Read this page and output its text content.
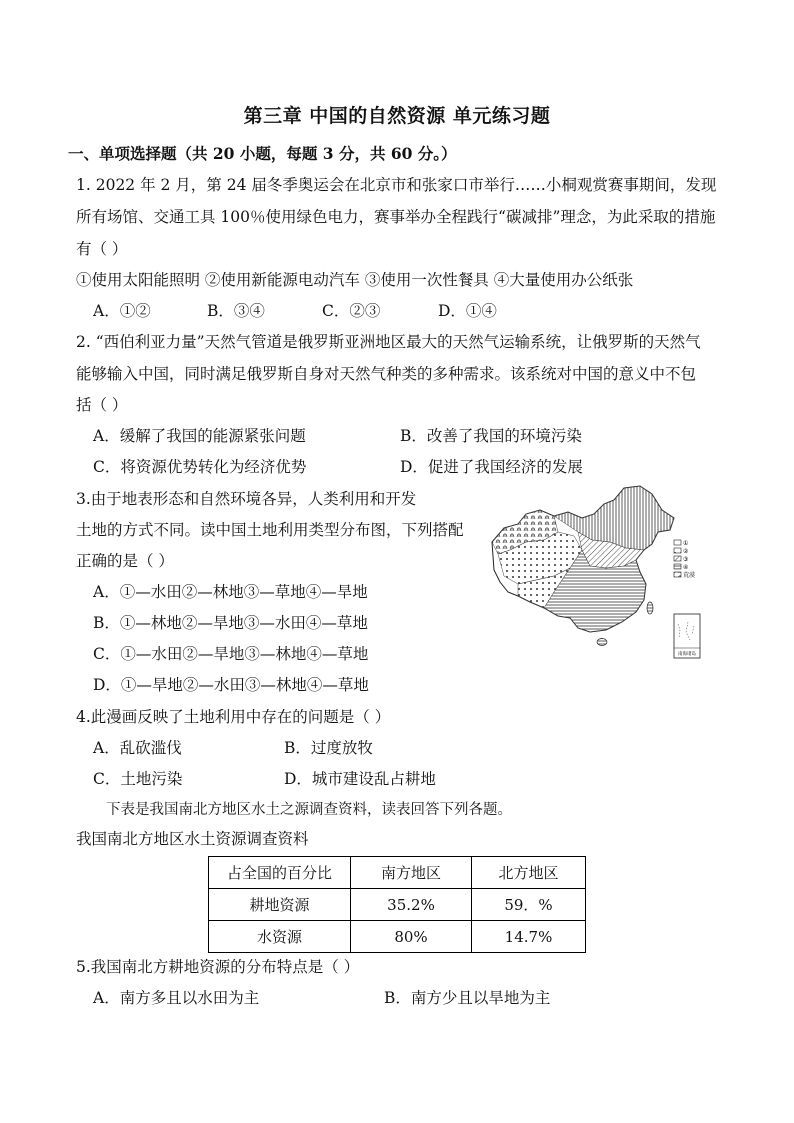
第三章 中国的自然资源 单元练习题
一、单项选择题（共 20 小题，每题 3 分，共 60 分。）
1. 2022 年 2 月，第 24 届冬季奥运会在北京市和张家口市举行……小桐观赏赛事期间，发现
所有场馆、交通工具 100％使用绿色电力，赛事举办全程践行“碳减排”理念，为此采取的措施
有（ ）
①使用太阳能照明 ②使用新能源电动汽车 ③使用一次性餐具 ④大量使用办公纸张
A．①②	B．③④	C．②③	D．①④
2. “西伯利亚力量”天然气管道是俄罗斯亚洲地区最大的天然气运输系统，让俄罗斯的天然气
能够输入中国，同时满足俄罗斯自身对天然气种类的多种需求。该系统对中国的意义中不包
括（ ）
A．缓解了我国的能源紧张问题	B．改善了我国的环境污染
C．将资源优势转化为经济优势	D．促进了我国经济的发展
3.由于地表形态和自然环境各异，人类利用和开发
土地的方式不同。读中国土地利用类型分布图，下列搭配
正确的是（ ）
A．①—水田②—林地③—草地④—旱地
B．①—林地②—旱地③—水田④—草地
C．①—水田②—旱地③—林地④—草地
D．①—旱地②—水田③—林地④—草地
①
②
③
④
荒漠
南海诸岛
4.此漫画反映了土地利用中存在的问题是（ ）
A．乱砍滥伐	B．过度放牧
C．土地污染	D．城市建设乱占耕地
下表是我国南北方地区水土之源调查资料，读表回答下列各题。
我国南北方地区水土资源调查资料
占全国的百分比	南方地区	北方地区
耕地资源	35.2%	59．%
水资源	80%	14.7%
5.我国南北方耕地资源的分布特点是（ ）
A．南方多且以水田为主	B．南方少且以旱地为主
